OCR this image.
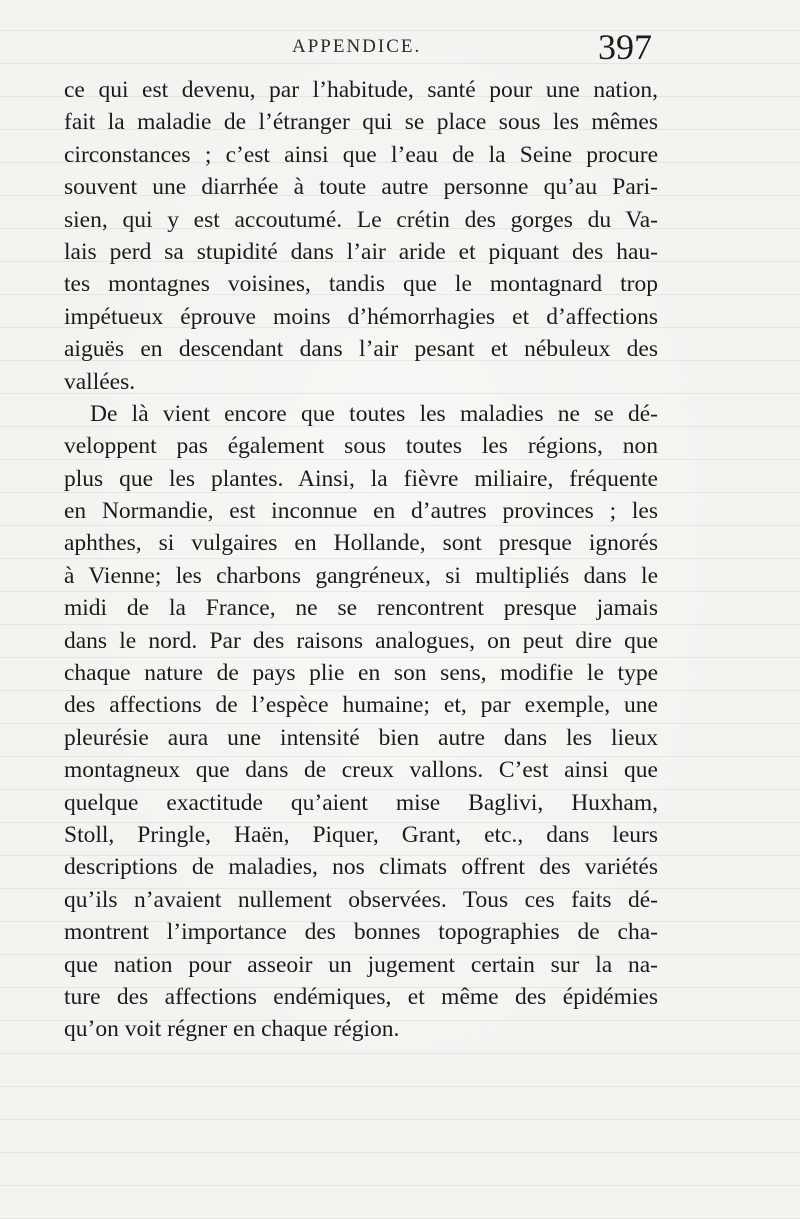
APPENDICE.	397
ce qui est devenu, par l’habitude, santé pour une nation,
fait la maladie de l’étranger qui se place sous les mêmes
circonstances ; c’est ainsi que l’eau de la Seine procure
souvent une diarrhée à toute autre personne qu’au Pari-
sien, qui y est accoutumé. Le crétin des gorges du Va-
lais perd sa stupidité dans l’air aride et piquant des hau-
tes montagnes voisines, tandis que le montagnard trop
impétueux éprouve moins d’hémorrhagies et d’affections
aiguës en descendant dans l’air pesant et nébuleux des
vallées.
De là vient encore que toutes les maladies ne se dé-
veloppent pas également sous toutes les régions, non
plus que les plantes. Ainsi, la fièvre miliaire, fréquente
en Normandie, est inconnue en d’autres provinces ; les
aphthes, si vulgaires en Hollande, sont presque ignorés
à Vienne; les charbons gangréneux, si multipliés dans le
midi de la France, ne se rencontrent presque jamais
dans le nord. Par des raisons analogues, on peut dire que
chaque nature de pays plie en son sens, modifie le type
des affections de l’espèce humaine; et, par exemple, une
pleurésie aura une intensité bien autre dans les lieux
montagneux que dans de creux vallons. C’est ainsi que
quelque exactitude qu’aient mise Baglivi, Huxham,
Stoll, Pringle, Haën, Piquer, Grant, etc., dans leurs
descriptions de maladies, nos climats offrent des variétés
qu’ils n’avaient nullement observées. Tous ces faits dé-
montrent l’importance des bonnes topographies de cha-
que nation pour asseoir un jugement certain sur la na-
ture des affections endémiques, et même des épidémies
qu’on voit régner en chaque région.
